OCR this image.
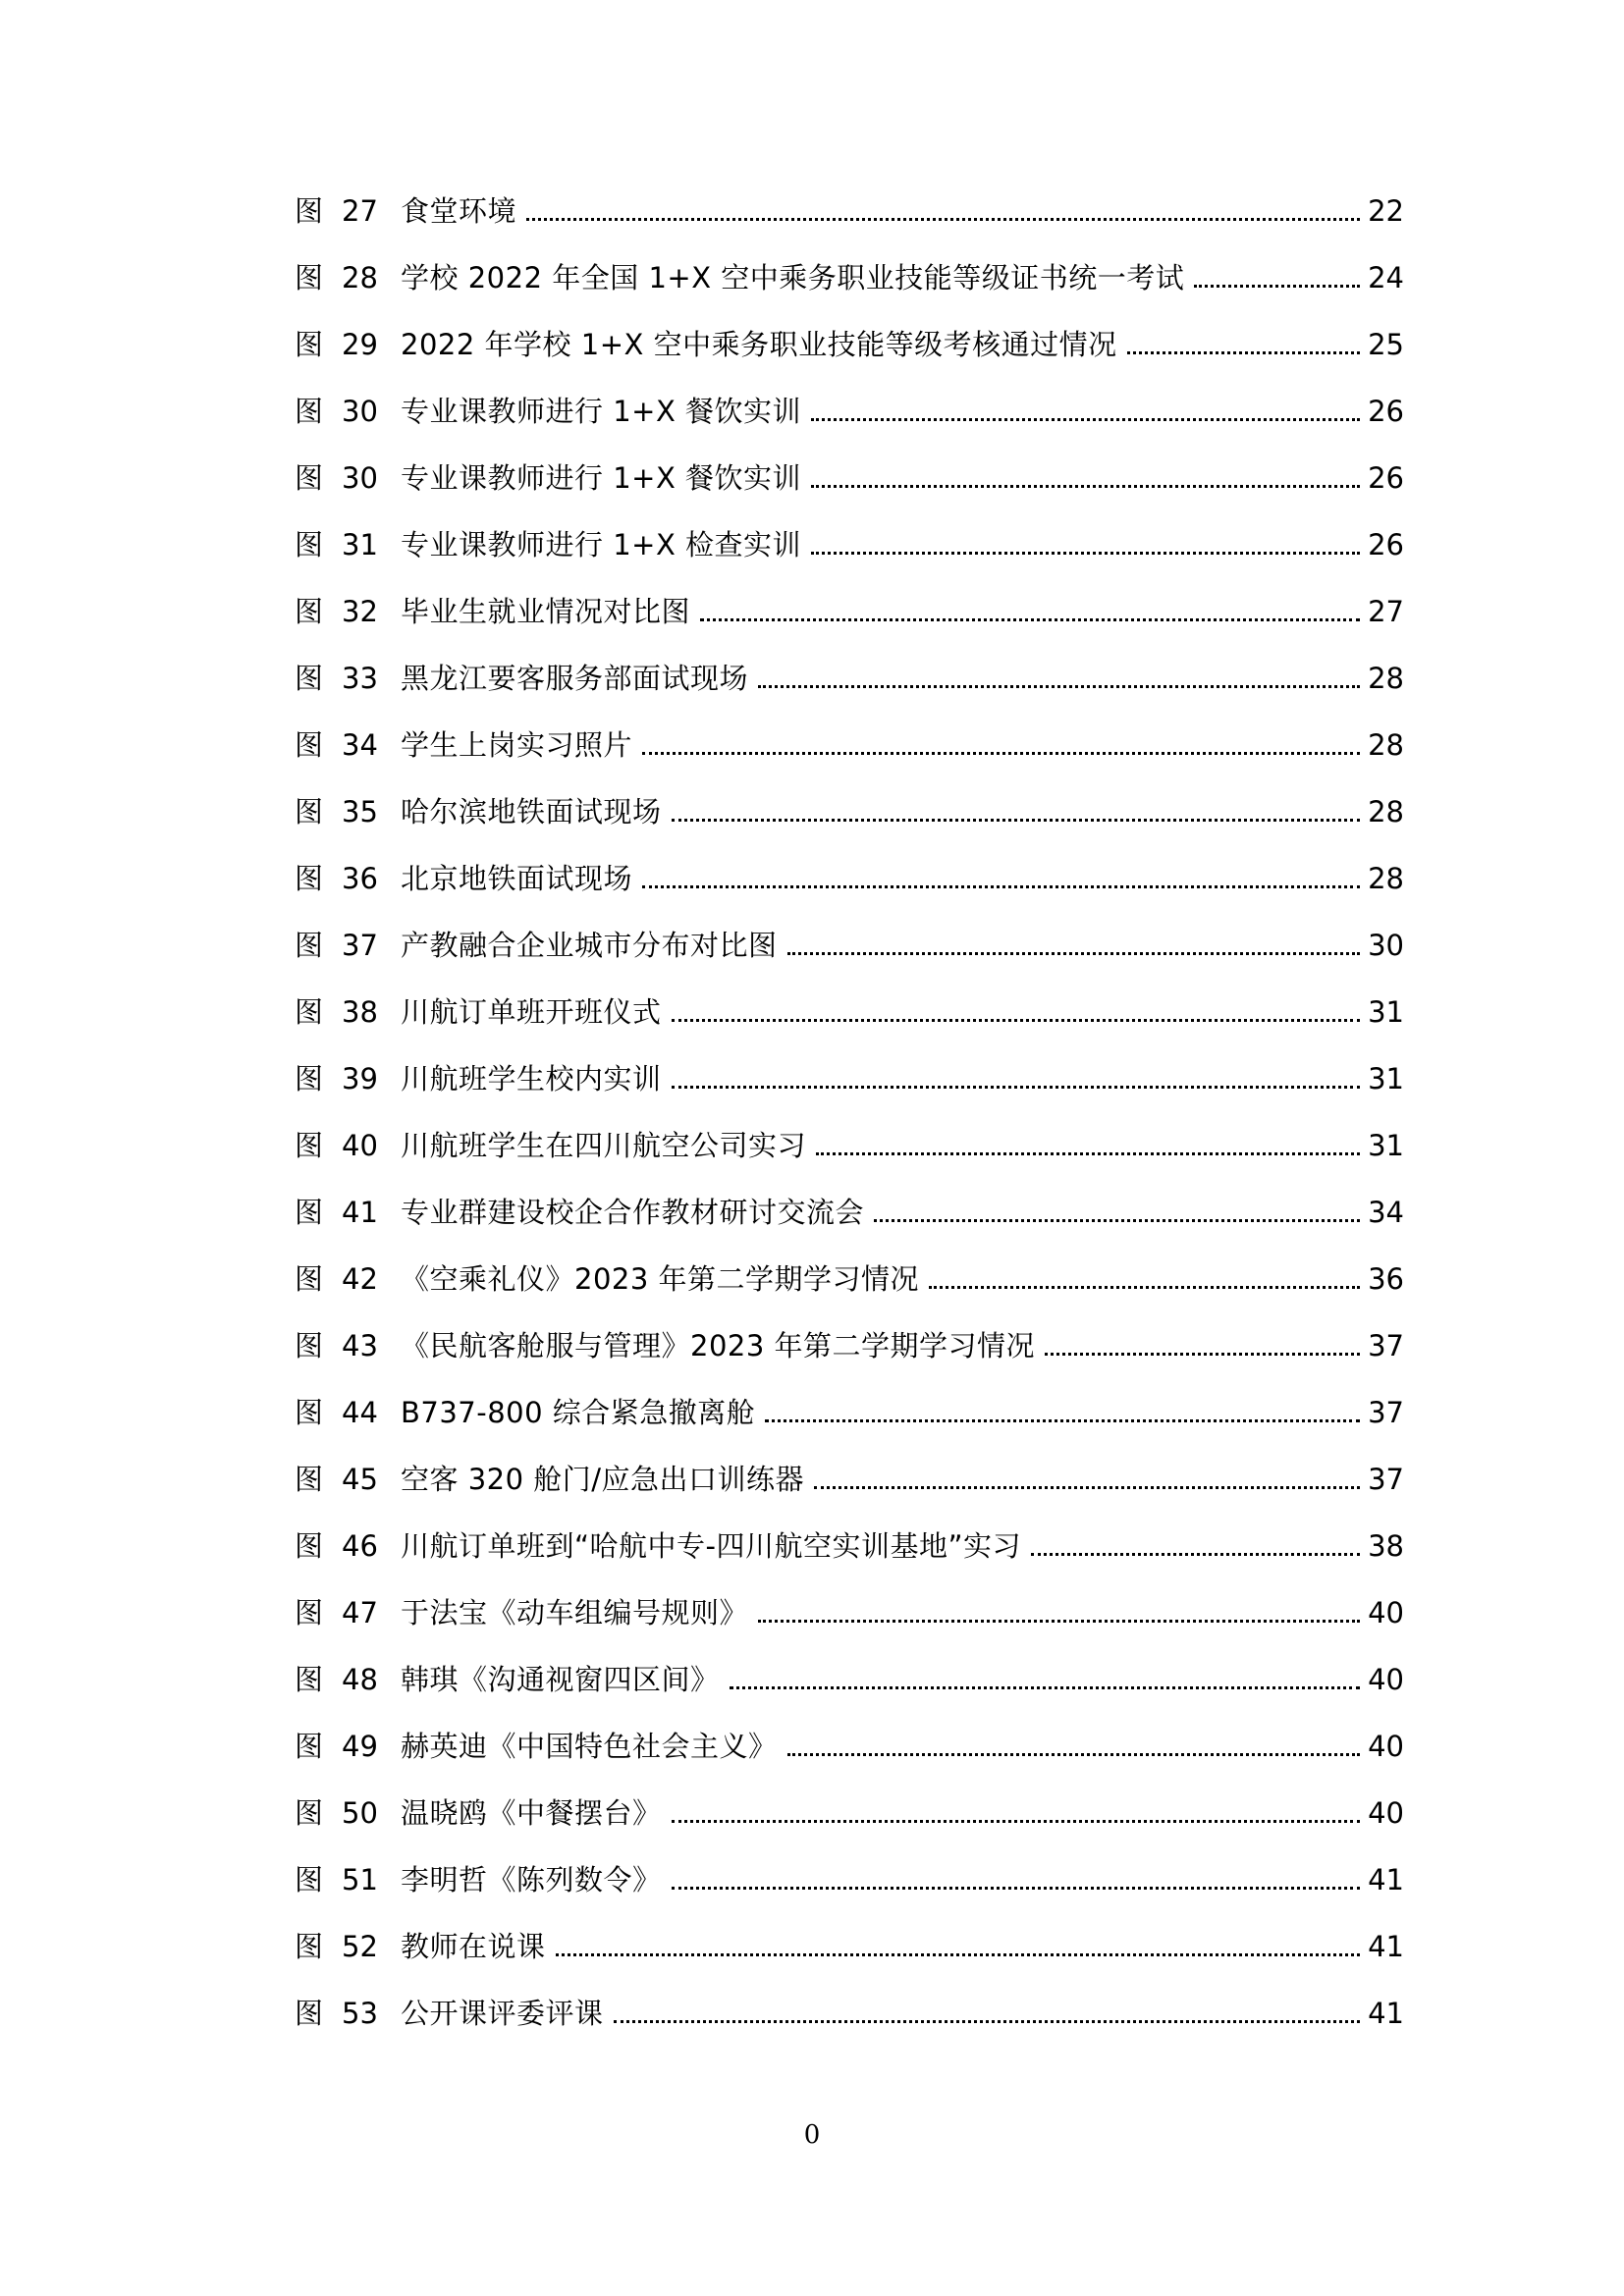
图 27 食堂环境	22
图 28 学校 2022 年全国 1+X 空中乘务职业技能等级证书统一考试	24
图 29 2022 年学校 1+X 空中乘务职业技能等级考核通过情况	25
图 30 专业课教师进行 1+X 餐饮实训	26
图 30 专业课教师进行 1+X 餐饮实训	26
图 31 专业课教师进行 1+X 检查实训	26
图 32 毕业生就业情况对比图	27
图 33 黑龙江要客服务部面试现场	28
图 34 学生上岗实习照片	28
图 35 哈尔滨地铁面试现场	28
图 36 北京地铁面试现场	28
图 37 产教融合企业城市分布对比图	30
图 38 川航订单班开班仪式	31
图 39 川航班学生校内实训	31
图 40 川航班学生在四川航空公司实习	31
图 41 专业群建设校企合作教材研讨交流会	34
图 42 《空乘礼仪》2023 年第二学期学习情况	36
图 43 《民航客舱服与管理》2023 年第二学期学习情况	37
图 44 B737-800 综合紧急撤离舱	37
图 45 空客 320 舱门/应急出口训练器	37
图 46 川航订单班到“哈航中专-四川航空实训基地”实习	38
图 47 于法宝《动车组编号规则》	40
图 48 韩琪《沟通视窗四区间》	40
图 49 赫英迪《中国特色社会主义》	40
图 50 温晓鸥《中餐摆台》	40
图 51 李明哲《陈列数令》	41
图 52 教师在说课	41
图 53 公开课评委评课	41
0
